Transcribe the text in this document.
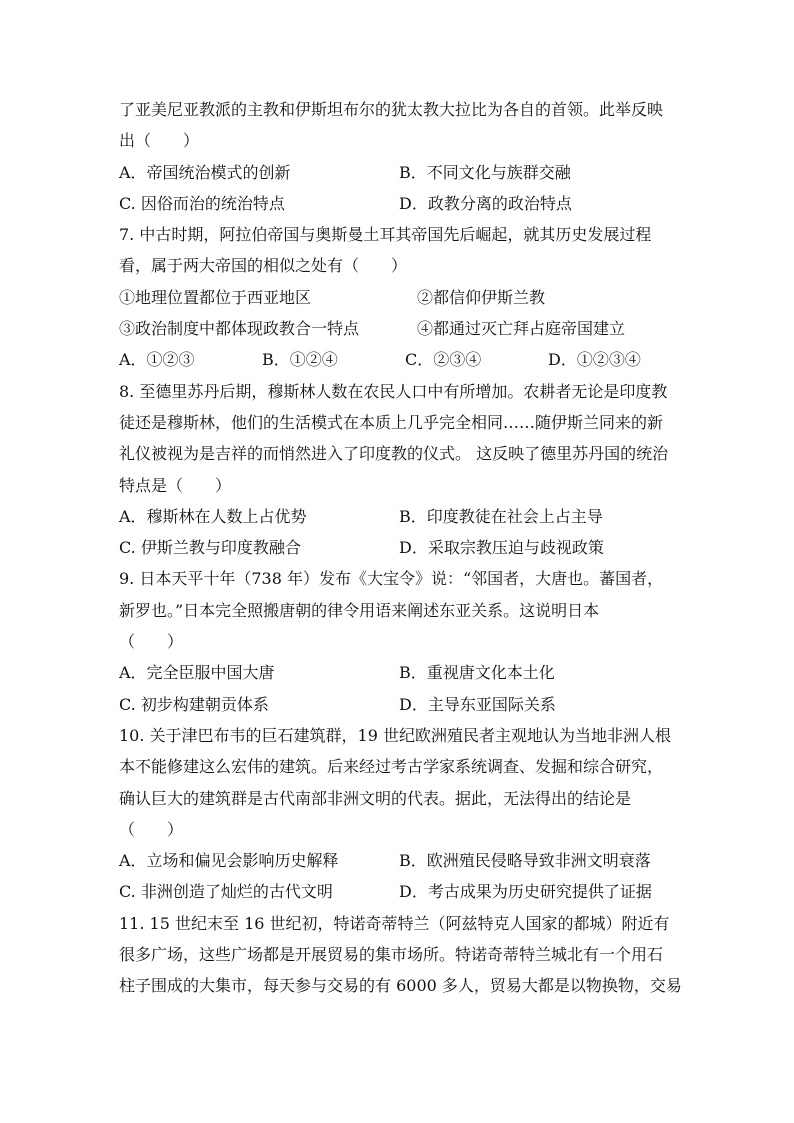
了亚美尼亚教派的主教和伊斯坦布尔的犹太教大拉比为各自的首领。此举反映
出（　　）
A．帝国统治模式的创新	B．不同文化与族群交融
C. 因俗而治的统治特点	D．政教分离的政治特点
7. 中古时期，阿拉伯帝国与奥斯曼土耳其帝国先后崛起，就其历史发展过程
看，属于两大帝国的相似之处有（　　）
①地理位置都位于西亚地区	②都信仰伊斯兰教
③政治制度中都体现政教合一特点	④都通过灭亡拜占庭帝国建立
A．①②③	B．①②④	C．②③④	D．①②③④
8. 至德里苏丹后期，穆斯林人数在农民人口中有所增加。农耕者无论是印度教
徒还是穆斯林，他们的生活模式在本质上几乎完全相同……随伊斯兰同来的新
礼仪被视为是吉祥的而悄然进入了印度教的仪式。 这反映了德里苏丹国的统治
特点是（　　）
A．穆斯林在人数上占优势	B．印度教徒在社会上占主导
C. 伊斯兰教与印度教融合	D．采取宗教压迫与歧视政策
9. 日本天平十年（738 年）发布《大宝令》说：“邻国者，大唐也。蕃国者，
新罗也。”日本完全照搬唐朝的律令用语来阐述东亚关系。这说明日本
（　　）
A．完全臣服中国大唐	B．重视唐文化本土化
C. 初步构建朝贡体系	D．主导东亚国际关系
10. 关于津巴布韦的巨石建筑群，19 世纪欧洲殖民者主观地认为当地非洲人根
本不能修建这么宏伟的建筑。后来经过考古学家系统调查、发掘和综合研究，
确认巨大的建筑群是古代南部非洲文明的代表。据此，无法得出的结论是
（　　）
A．立场和偏见会影响历史解释	B．欧洲殖民侵略导致非洲文明衰落
C. 非洲创造了灿烂的古代文明	D．考古成果为历史研究提供了证据
11. 15 世纪末至 16 世纪初，特诺奇蒂特兰（阿兹特克人国家的都城）附近有
很多广场，这些广场都是开展贸易的集市场所。特诺奇蒂特兰城北有一个用石
柱子围成的大集市，每天参与交易的有 6000 多人，贸易大都是以物换物，交易
